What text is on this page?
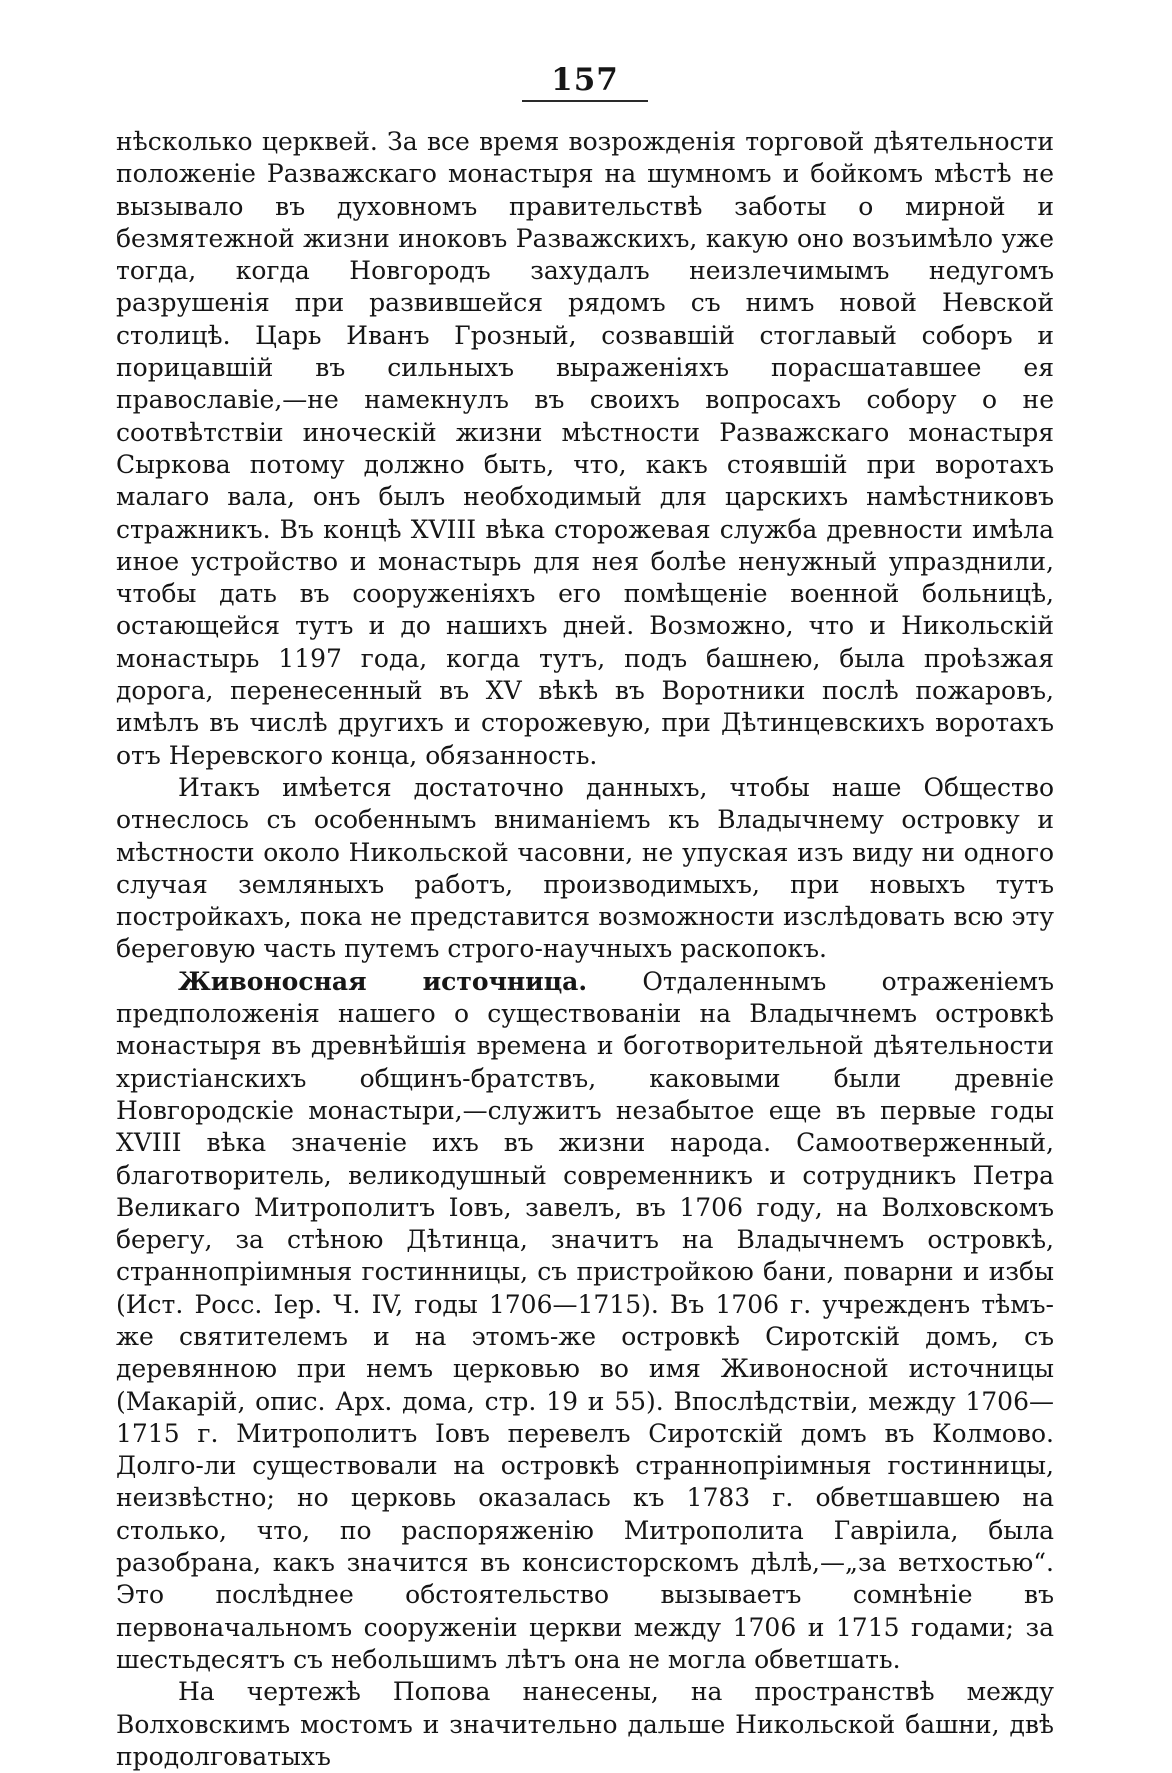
157

нѣсколько церквей. За все время возрожденія торговой дѣятельности положеніе Разважскаго монастыря на шумномъ и бойкомъ мѣстѣ не вызывало въ духовномъ правительствѣ заботы о мирной и безмятежной жизни иноковъ Разважскихъ, какую оно возъимѣло уже тогда, когда Новгородъ захудалъ неизлечимымъ недугомъ разрушенія при развившейся рядомъ съ нимъ новой Невской столицѣ. Царь Иванъ Грозный, созвавшій стоглавый соборъ и порицавшій въ сильныхъ выраженіяхъ порасшатавшее ея православіе,—не намекнулъ въ своихъ вопросахъ собору о не соотвѣтствіи иноческій жизни мѣстности Разважскаго монастыря Сыркова потому должно быть, что, какъ стоявшій при воротахъ малаго вала, онъ былъ необходимый для царскихъ намѣстниковъ стражникъ. Въ концѣ XVIII вѣка сторожевая служба древности имѣла иное устройство и монастырь для нея болѣе ненужный упразднили, чтобы дать въ сооруженіяхъ его помѣщеніе военной больницѣ, остающейся тутъ и до нашихъ дней. Возможно, что и Никольскій монастырь 1197 года, когда тутъ, подъ башнею, была проѣзжая дорога, перенесенный въ XV вѣкѣ въ Воротники послѣ пожаровъ, имѣлъ въ числѣ другихъ и сторожевую, при Дѣтинцевскихъ воротахъ отъ Неревского конца, обязанность.

Итакъ имѣется достаточно данныхъ, чтобы наше Общество отнеслось съ особеннымъ вниманіемъ къ Владычнему островку и мѣстности около Никольской часовни, не упуская изъ виду ни одного случая земляныхъ работъ, производимыхъ, при новыхъ тутъ постройкахъ, пока не представится возможности изслѣдовать всю эту береговую часть путемъ строго-научныхъ раскопокъ.

Живоносная источница. Отдаленнымъ отраженіемъ предположенія нашего о существованіи на Владычнемъ островкѣ монастыря въ древнѣйшія времена и боготворительной дѣятельности христіанскихъ общинъ-братствъ, каковыми были древніе Новгородскіе монастыри,—служитъ незабытое еще въ первые годы XVIII вѣка значеніе ихъ въ жизни народа. Самоотверженный, благотворитель, великодушный современникъ и сотрудникъ Петра Великаго Митрополитъ Іовъ, завелъ, въ 1706 году, на Волховскомъ берегу, за стѣною Дѣтинца, значитъ на Владычнемъ островкѣ, страннопріимныя гостинницы, съ пристройкою бани, поварни и избы (Ист. Росс. Іер. Ч. IV, годы 1706—1715). Въ 1706 г. учрежденъ тѣмъ-же святителемъ и на этомъ-же островкѣ Сиротскій домъ, съ деревянною при немъ церковью во имя Живоносной источницы (Макарій, опис. Арх. дома, стр. 19 и 55). Впослѣдствіи, между 1706—1715 г. Митрополитъ Іовъ перевелъ Сиротскій домъ въ Колмово. Долго-ли существовали на островкѣ страннопріимныя гостинницы, неизвѣстно; но церковь оказалась къ 1783 г. обветшавшею на столько, что, по распоряженію Митрополита Гавріила, была разобрана, какъ значится въ консисторскомъ дѣлѣ,—„за ветхостью“. Это послѣднее обстоятельство вызываетъ сомнѣніе въ первоначальномъ сооруженіи церкви между 1706 и 1715 годами; за шестьдесятъ съ небольшимъ лѣтъ она не могла обветшать.

На чертежѣ Попова нанесены, на пространствѣ между Волховскимъ мостомъ и значительно дальше Никольской башни, двѣ продолговатыхъ
